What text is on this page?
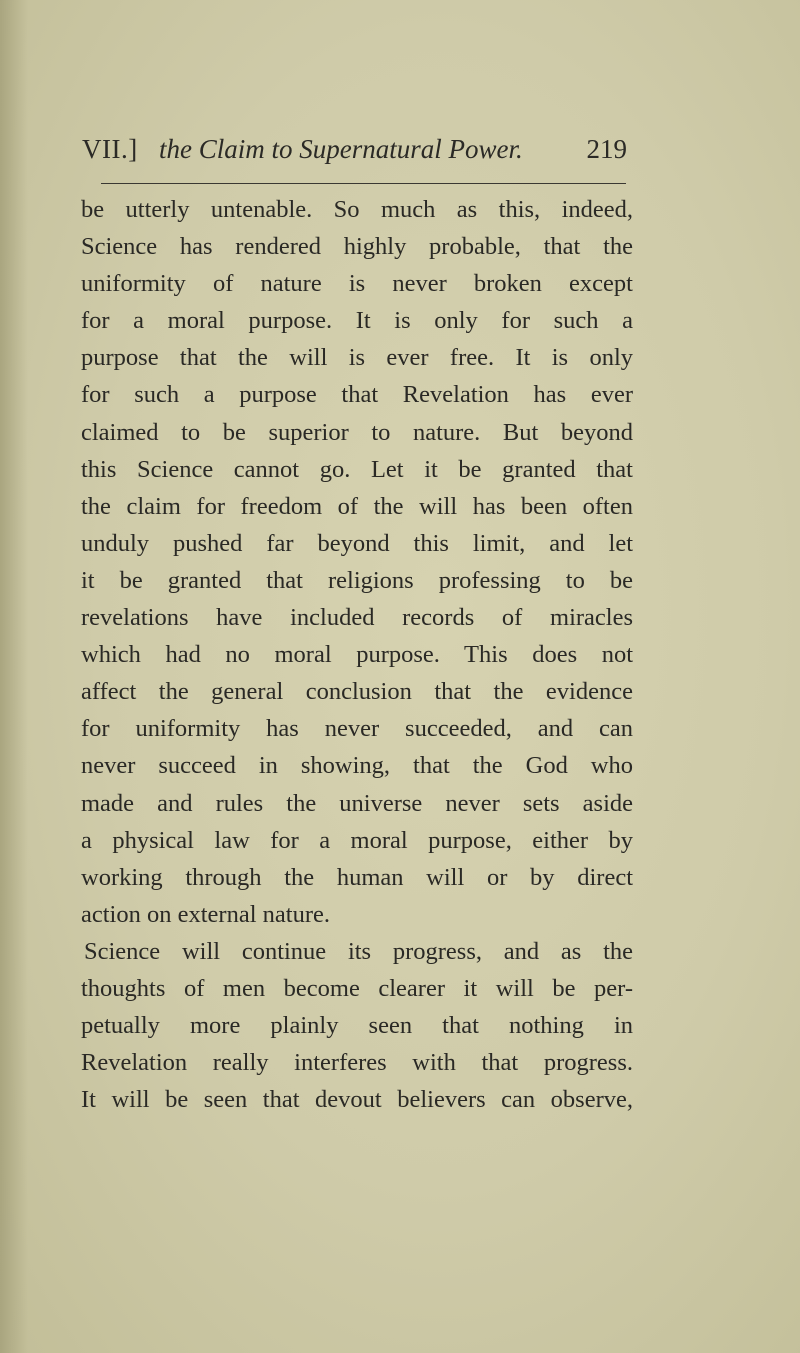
VII.] the Claim to Supernatural Power. 219
be utterly untenable. So much as this, indeed,
Science has rendered highly probable, that the
uniformity of nature is never broken except
for a moral purpose. It is only for such a
purpose that the will is ever free. It is only
for such a purpose that Revelation has ever
claimed to be superior to nature. But beyond
this Science cannot go. Let it be granted that
the claim for freedom of the will has been often
unduly pushed far beyond this limit, and let
it be granted that religions professing to be
revelations have included records of miracles
which had no moral purpose. This does not
affect the general conclusion that the evidence
for uniformity has never succeeded, and can
never succeed in showing, that the God who
made and rules the universe never sets aside
a physical law for a moral purpose, either by
working through the human will or by direct
action on external nature.
Science will continue its progress, and as the
thoughts of men become clearer it will be per-
petually more plainly seen that nothing in
Revelation really interferes with that progress.
It will be seen that devout believers can observe,
